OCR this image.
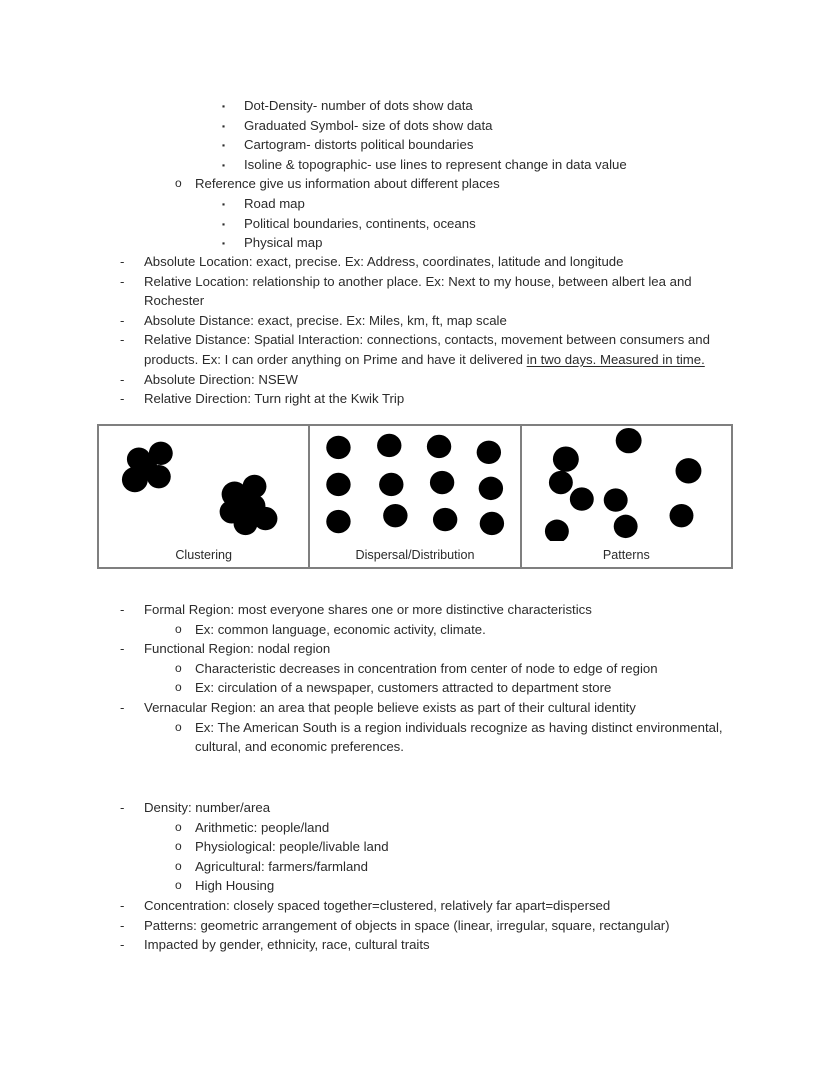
▪ Dot-Density- number of dots show data
▪ Graduated Symbol- size of dots show data
▪ Cartogram- distorts political boundaries
▪ Isoline & topographic- use lines to represent change in data value
o Reference give us information about different places
▪ Road map
▪ Political boundaries, continents, oceans
▪ Physical map
- Absolute Location: exact, precise. Ex: Address, coordinates, latitude and longitude
- Relative Location: relationship to another place. Ex: Next to my house, between albert lea and Rochester
- Absolute Distance: exact, precise. Ex: Miles, km, ft, map scale
- Relative Distance: Spatial Interaction: connections, contacts, movement between consumers and products. Ex: I can order anything on Prime and have it delivered in two days. Measured in time.
- Absolute Direction: NSEW
- Relative Direction: Turn right at the Kwik Trip
Clustering	Dispersal/Distribution	Patterns
- Formal Region: most everyone shares one or more distinctive characteristics
o Ex: common language, economic activity, climate.
- Functional Region: nodal region
o Characteristic decreases in concentration from center of node to edge of region
o Ex: circulation of a newspaper, customers attracted to department store
- Vernacular Region: an area that people believe exists as part of their cultural identity
o Ex: The American South is a region individuals recognize as having distinct environmental, cultural, and economic preferences.
- Density: number/area
o Arithmetic: people/land
o Physiological: people/livable land
o Agricultural: farmers/farmland
o High Housing
- Concentration: closely spaced together=clustered, relatively far apart=dispersed
- Patterns: geometric arrangement of objects in space (linear, irregular, square, rectangular)
- Impacted by gender, ethnicity, race, cultural traits
